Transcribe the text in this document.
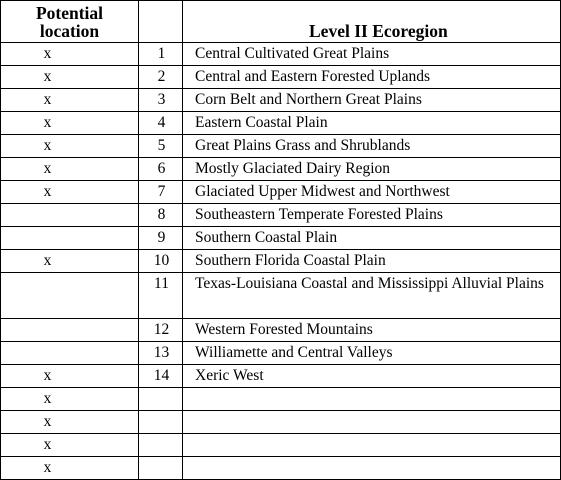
Potential
location		Level II Ecoregion
x	1	Central Cultivated Great Plains
x	2	Central and Eastern Forested Uplands
x	3	Corn Belt and Northern Great Plains
x	4	Eastern Coastal Plain
x	5	Great Plains Grass and Shrublands
x	6	Mostly Glaciated Dairy Region
x	7	Glaciated Upper Midwest and Northwest
	8	Southeastern Temperate Forested Plains
	9	Southern Coastal Plain
x	10	Southern Florida Coastal Plain
	11	Texas-Louisiana Coastal and Mississippi Alluvial Plains
	12	Western Forested Mountains
	13	Williamette and Central Valleys
x	14	Xeric West
x		
x		
x		
x		
